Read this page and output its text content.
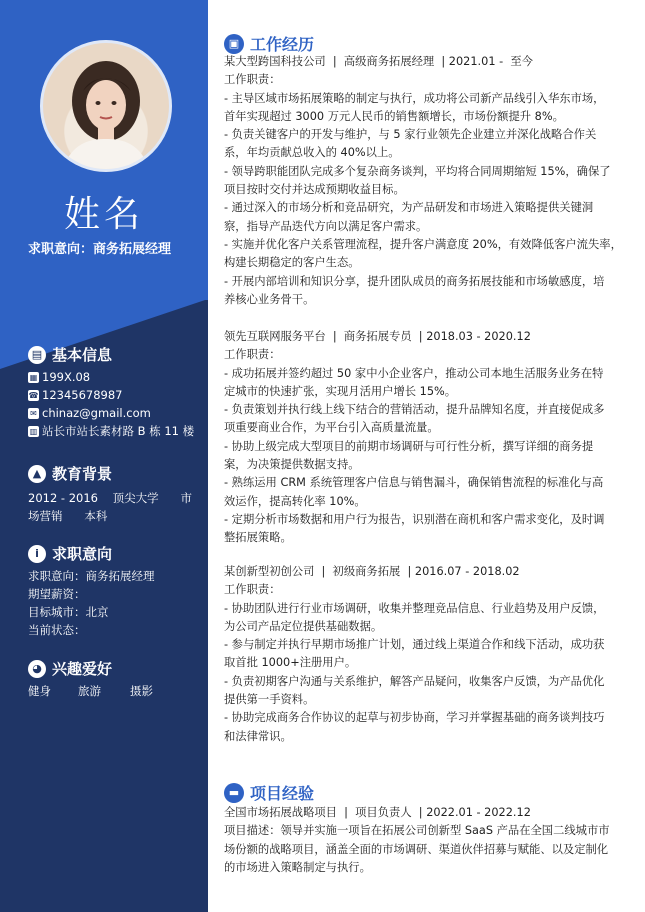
姓名
求职意向：商务拓展经理
▤ 基本信息
▦ 199X.08
☎ 12345678987
✉ chinaz@gmail.com
▥ 站长市站长素材路 B 栋 11 楼
▲ 教育背景
2012 - 2016    顶尖大学      市
场营销      本科
i 求职意向
求职意向：商务拓展经理
期望薪资：
目标城市：北京
当前状态：
◕ 兴趣爱好
健身 旅游	摄影
▣ 工作经历

某大型跨国科技公司  |  高级商务拓展经理  | 2021.01 -  至今

工作职责：

- 主导区域市场拓展策略的制定与执行，成功将公司新产品线引入华东市场，

首年实现超过 3000 万元人民币的销售额增长，市场份额提升 8%。

- 负责关键客户的开发与维护，与 5 家行业领先企业建立并深化战略合作关

系，年均贡献总收入的 40%以上。

- 领导跨职能团队完成多个复杂商务谈判，平均将合同周期缩短 15%，确保了

项目按时交付并达成预期收益目标。

- 通过深入的市场分析和竞品研究，为产品研发和市场进入策略提供关键洞

察，指导产品迭代方向以满足客户需求。

- 实施并优化客户关系管理流程，提升客户满意度 20%，有效降低客户流失率，

构建长期稳定的客户生态。

- 开展内部培训和知识分享，提升团队成员的商务拓展技能和市场敏感度，培

养核心业务骨干。

领先互联网服务平台  |  商务拓展专员  | 2018.03 - 2020.12

工作职责：

- 成功拓展并签约超过 50 家中小企业客户，推动公司本地生活服务业务在特

定城市的快速扩张，实现月活用户增长 15%。

- 负责策划并执行线上线下结合的营销活动，提升品牌知名度，并直接促成多

项重要商业合作，为平台引入高质量流量。

- 协助上级完成大型项目的前期市场调研与可行性分析，撰写详细的商务提

案，为决策提供数据支持。

- 熟练运用 CRM 系统管理客户信息与销售漏斗，确保销售流程的标准化与高

效运作，提高转化率 10%。

- 定期分析市场数据和用户行为报告，识别潜在商机和客户需求变化，及时调

整拓展策略。

某创新型初创公司  |  初级商务拓展  | 2016.07 - 2018.02

工作职责：

- 协助团队进行行业市场调研，收集并整理竞品信息、行业趋势及用户反馈，

为公司产品定位提供基础数据。

- 参与制定并执行早期市场推广计划，通过线上渠道合作和线下活动，成功获

取首批 1000+注册用户。

- 负责初期客户沟通与关系维护，解答产品疑问，收集客户反馈，为产品优化

提供第一手资料。

- 协助完成商务合作协议的起草与初步协商，学习并掌握基础的商务谈判技巧

和法律常识。

▬ 项目经验

全国市场拓展战略项目  |  项目负责人  | 2022.01 - 2022.12

项目描述：领导并实施一项旨在拓展公司创新型 SaaS 产品在全国二线城市市

场份额的战略项目，涵盖全面的市场调研、渠道伙伴招募与赋能、以及定制化

的市场进入策略制定与执行。
